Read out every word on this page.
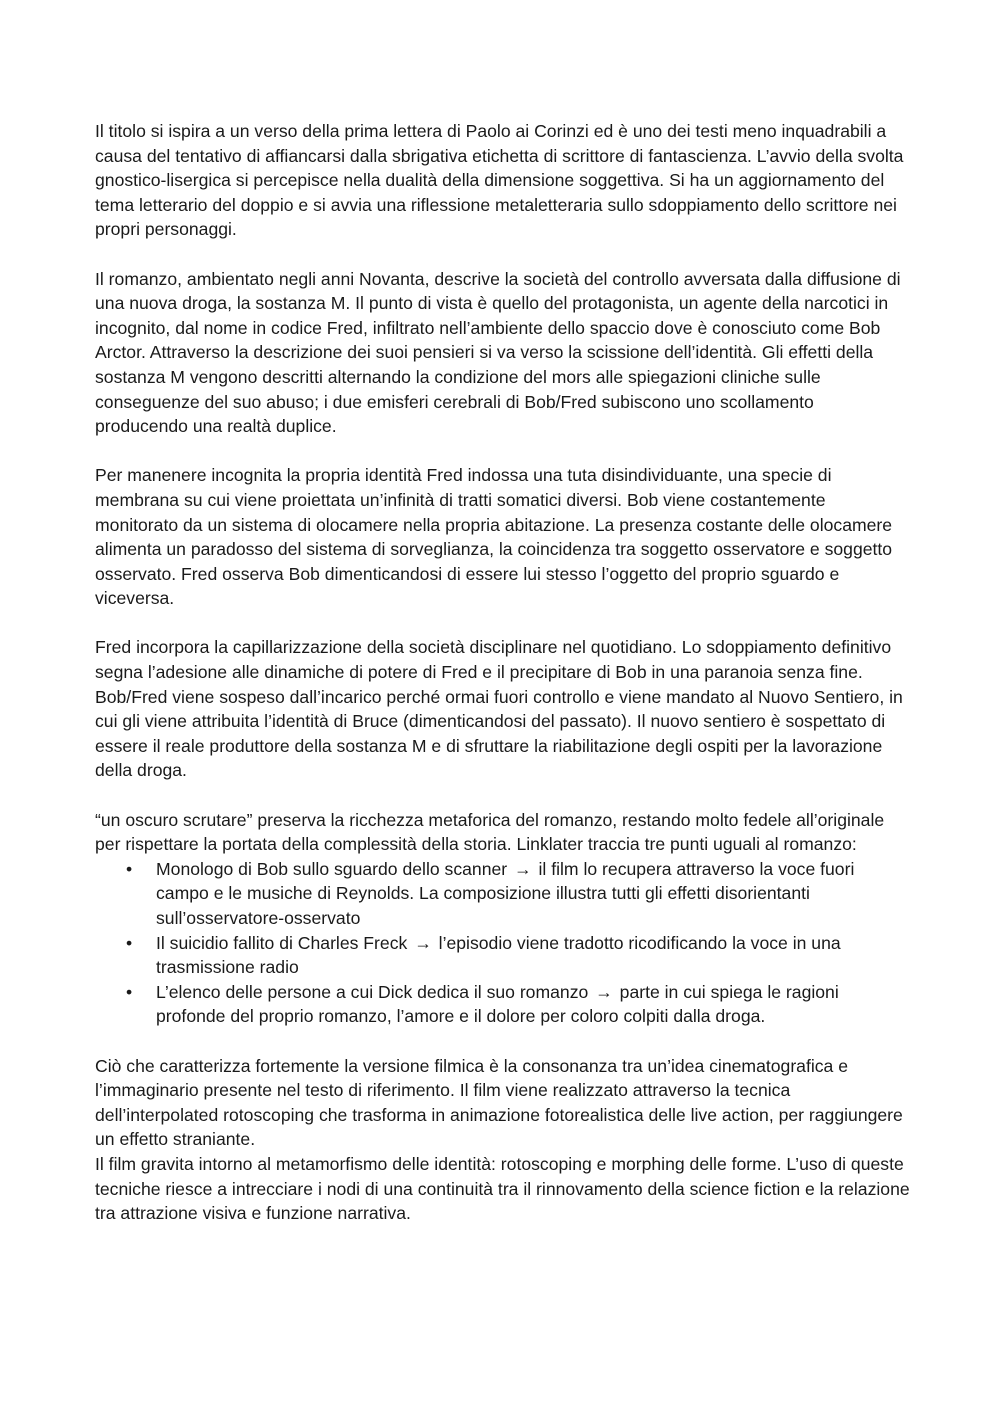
Il titolo si ispira a un verso della prima lettera di Paolo ai Corinzi ed è uno dei testi meno inquadrabili a causa del tentativo di affiancarsi dalla sbrigativa etichetta di scrittore di fantascienza. L’avvio della svolta gnostico-lisergica si percepisce nella dualità della dimensione soggettiva. Si ha un aggiornamento del tema letterario del doppio e si avvia una riflessione metaletteraria sullo sdoppiamento dello scrittore nei propri personaggi.

Il romanzo, ambientato negli anni Novanta, descrive la società del controllo avversata dalla diffusione di una nuova droga, la sostanza M. Il punto di vista è quello del protagonista, un agente della narcotici in incognito, dal nome in codice Fred, infiltrato nell’ambiente dello spaccio dove è conosciuto come Bob Arctor. Attraverso la descrizione dei suoi pensieri si va verso la scissione dell’identità. Gli effetti della sostanza M vengono descritti alternando la condizione del mors alle spiegazioni cliniche sulle conseguenze del suo abuso; i due emisferi cerebrali di Bob/Fred subiscono uno scollamento producendo una realtà duplice.

Per manenere incognita la propria identità Fred indossa una tuta disindividuante, una specie di membrana su cui viene proiettata un’infinità di tratti somatici diversi. Bob viene costantemente monitorato da un sistema di olocamere nella propria abitazione. La presenza costante delle olocamere alimenta un paradosso del sistema di sorveglianza, la coincidenza tra soggetto osservatore e soggetto osservato. Fred osserva Bob dimenticandosi di essere lui stesso l’oggetto del proprio sguardo e viceversa.

Fred incorpora la capillarizzazione della società disciplinare nel quotidiano. Lo sdoppiamento definitivo segna l’adesione alle dinamiche di potere di Fred e il precipitare di Bob in una paranoia senza fine. Bob/Fred viene sospeso dall’incarico perché ormai fuori controllo e viene mandato al Nuovo Sentiero, in cui gli viene attribuita l’identità di Bruce (dimenticandosi del passato). Il nuovo sentiero è sospettato di essere il reale produttore della sostanza M e di sfruttare la riabilitazione degli ospiti per la lavorazione della droga.

“un oscuro scrutare” preserva la ricchezza metaforica del romanzo, restando molto fedele all’originale per rispettare la portata della complessità della storia. Linklater traccia tre punti uguali al romanzo:

• Monologo di Bob sullo sguardo dello scanner → il film lo recupera attraverso la voce fuori campo e le musiche di Reynolds. La composizione illustra tutti gli effetti disorientanti sull’osservatore-osservato
• Il suicidio fallito di Charles Freck → l’episodio viene tradotto ricodificando la voce in una trasmissione radio
• L’elenco delle persone a cui Dick dedica il suo romanzo → parte in cui spiega le ragioni profonde del proprio romanzo, l’amore e il dolore per coloro colpiti dalla droga.

Ciò che caratterizza fortemente la versione filmica è la consonanza tra un’idea cinematografica e l’immaginario presente nel testo di riferimento. Il film viene realizzato attraverso la tecnica dell’interpolated rotoscoping che trasforma in animazione fotorealistica delle live action, per raggiungere un effetto straniante.

Il film gravita intorno al metamorfismo delle identità: rotoscoping e morphing delle forme. L’uso di queste tecniche riesce a intrecciare i nodi di una continuità tra il rinnovamento della science fiction e la relazione tra attrazione visiva e funzione narrativa.
